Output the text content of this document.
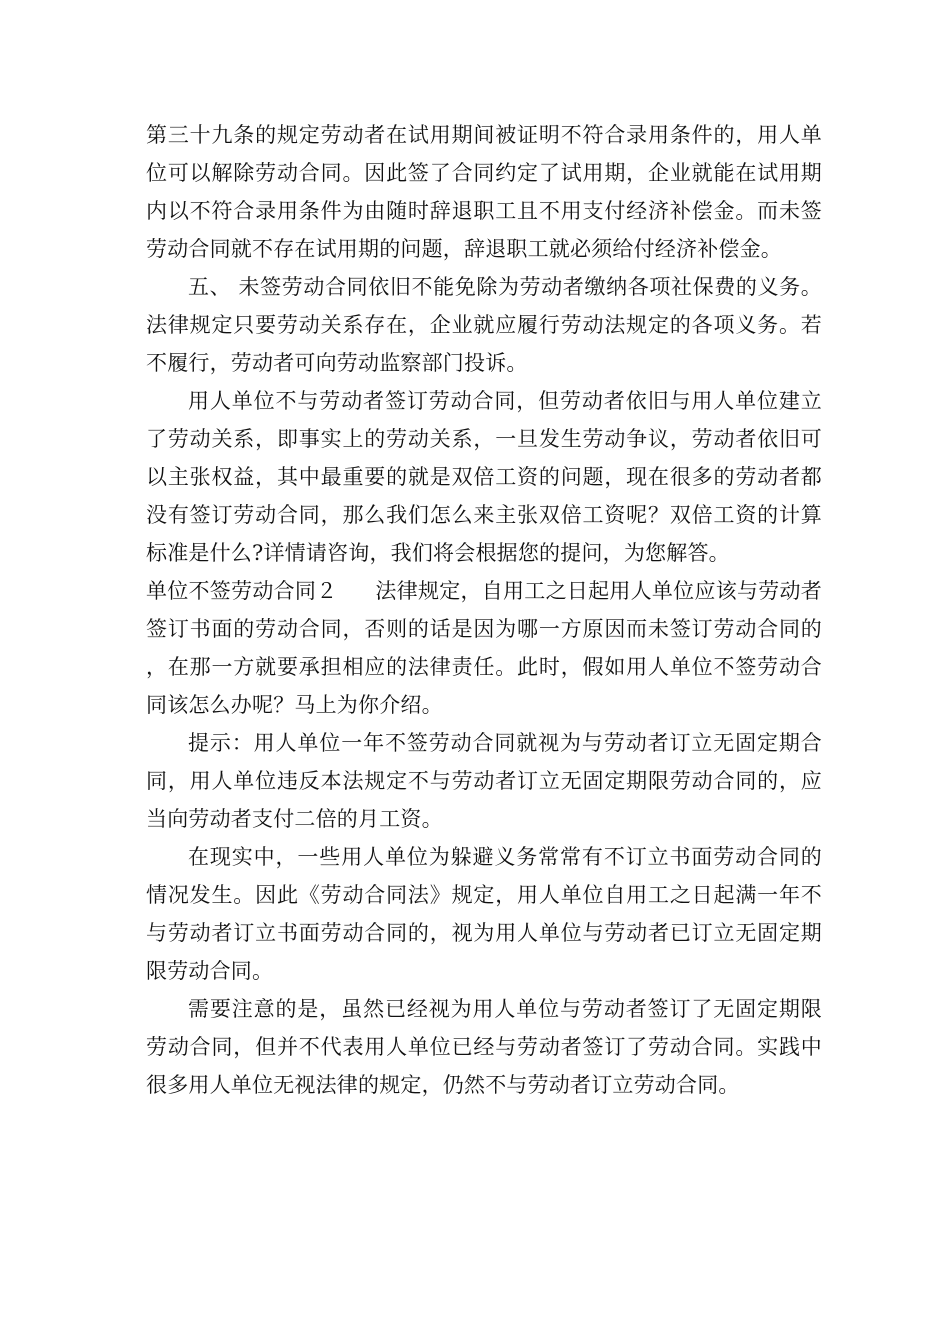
第三十九条的规定劳动者在试用期间被证明不符合录用条件的，用人单位可以解除劳动合同。因此签了合同约定了试用期，企业就能在试用期内以不符合录用条件为由随时辞退职工且不用支付经济补偿金。而未签劳动合同就不存在试用期的问题，辞退职工就必须给付经济补偿金。

五、 未签劳动合同依旧不能免除为劳动者缴纳各项社保费的义务。法律规定只要劳动关系存在，企业就应履行劳动法规定的各项义务。若不履行，劳动者可向劳动监察部门投诉。

用人单位不与劳动者签订劳动合同，但劳动者依旧与用人单位建立了劳动关系，即事实上的劳动关系，一旦发生劳动争议，劳动者依旧可以主张权益，其中最重要的就是双倍工资的问题，现在很多的劳动者都没有签订劳动合同，那么我们怎么来主张双倍工资呢？双倍工资的计算标准是什么?详情请咨询，我们将会根据您的提问，为您解答。

单位不签劳动合同２ 法律规定，自用工之日起用人单位应该与劳动者签订书面的劳动合同，否则的话是因为哪一方原因而未签订劳动合同的，在那一方就要承担相应的法律责任。此时，假如用人单位不签劳动合同该怎么办呢？马上为你介绍。

提示：用人单位一年不签劳动合同就视为与劳动者订立无固定期合同，用人单位违反本法规定不与劳动者订立无固定期限劳动合同的，应当向劳动者支付二倍的月工资。

在现实中，一些用人单位为躲避义务常常有不订立书面劳动合同的情况发生。因此《劳动合同法》规定，用人单位自用工之日起满一年不与劳动者订立书面劳动合同的，视为用人单位与劳动者已订立无固定期限劳动合同。

需要注意的是，虽然已经视为用人单位与劳动者签订了无固定期限劳动合同，但并不代表用人单位已经与劳动者签订了劳动合同。实践中很多用人单位无视法律的规定，仍然不与劳动者订立劳动合同。
